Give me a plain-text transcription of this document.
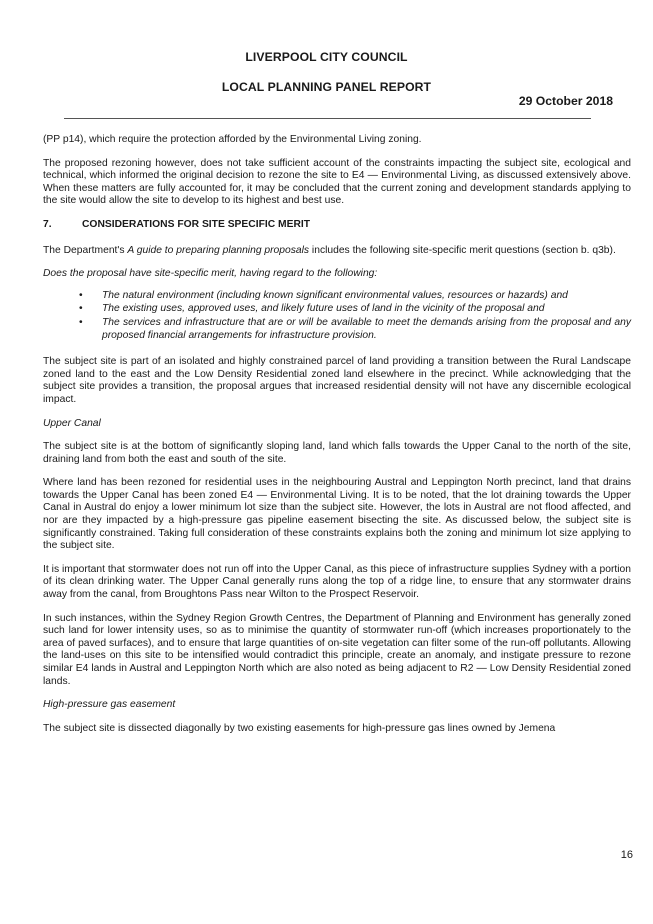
LIVERPOOL CITY COUNCIL
LOCAL PLANNING PANEL REPORT
29 October 2018

(PP p14), which require the protection afforded by the Environmental Living zoning.

The proposed rezoning however, does not take sufficient account of the constraints impacting the subject site, ecological and technical, which informed the original decision to rezone the site to E4 — Environmental Living, as discussed extensively above. When these matters are fully accounted for, it may be concluded that the current zoning and development standards applying to the site would allow the site to develop to its highest and best use.

7.	CONSIDERATIONS FOR SITE SPECIFIC MERIT

The Department's A guide to preparing planning proposals includes the following site-specific merit questions (section b. q3b).

Does the proposal have site-specific merit, having regard to the following:

• The natural environment (including known significant environmental values, resources or hazards) and
• The existing uses, approved uses, and likely future uses of land in the vicinity of the proposal and
• The services and infrastructure that are or will be available to meet the demands arising from the proposal and any proposed financial arrangements for infrastructure provision.

The subject site is part of an isolated and highly constrained parcel of land providing a transition between the Rural Landscape zoned land to the east and the Low Density Residential zoned land elsewhere in the precinct. While acknowledging that the subject site provides a transition, the proposal argues that increased residential density will not have any discernible ecological impact.

Upper Canal

The subject site is at the bottom of significantly sloping land, land which falls towards the Upper Canal to the north of the site, draining land from both the east and south of the site.

Where land has been rezoned for residential uses in the neighbouring Austral and Leppington North precinct, land that drains towards the Upper Canal has been zoned E4 — Environmental Living. It is to be noted, that the lot draining towards the Upper Canal in Austral do enjoy a lower minimum lot size than the subject site. However, the lots in Austral are not flood affected, and nor are they impacted by a high-pressure gas pipeline easement bisecting the site. As discussed below, the subject site is significantly constrained. Taking full consideration of these constraints explains both the zoning and minimum lot size applying to the subject site.

It is important that stormwater does not run off into the Upper Canal, as this piece of infrastructure supplies Sydney with a portion of its clean drinking water. The Upper Canal generally runs along the top of a ridge line, to ensure that any stormwater drains away from the canal, from Broughtons Pass near Wilton to the Prospect Reservoir.

In such instances, within the Sydney Region Growth Centres, the Department of Planning and Environment has generally zoned such land for lower intensity uses, so as to minimise the quantity of stormwater run-off (which increases proportionately to the area of paved surfaces), and to ensure that large quantities of on-site vegetation can filter some of the run-off pollutants. Allowing the land-uses on this site to be intensified would contradict this principle, create an anomaly, and instigate pressure to rezone similar E4 lands in Austral and Leppington North which are also noted as being adjacent to R2 — Low Density Residential zoned lands.

High-pressure gas easement

The subject site is dissected diagonally by two existing easements for high-pressure gas lines owned by Jemena

16
